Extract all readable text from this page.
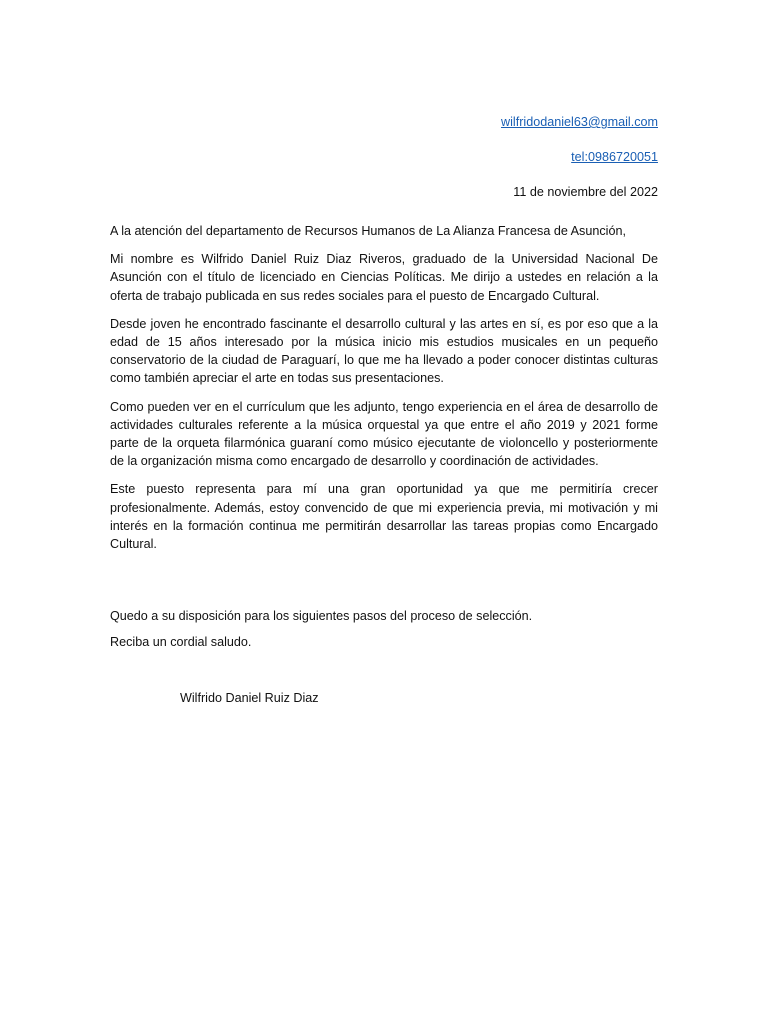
wilfridodaniel63@gmail.com
tel:0986720051
11 de noviembre del 2022

A la atención del departamento de Recursos Humanos de La Alianza Francesa de Asunción,

Mi nombre es Wilfrido Daniel Ruiz Diaz Riveros, graduado de la Universidad Nacional De Asunción con el título de licenciado en Ciencias Políticas. Me dirijo a ustedes en relación a la oferta de trabajo publicada en sus redes sociales para el puesto de Encargado Cultural.

Desde joven he encontrado fascinante el desarrollo cultural y las artes en sí, es por eso que a la edad de 15 años interesado por la música inicio mis estudios musicales en un pequeño conservatorio de la ciudad de Paraguarí, lo que me ha llevado a poder conocer distintas culturas como también apreciar el arte en todas sus presentaciones.

Como pueden ver en el currículum que les adjunto, tengo experiencia en el área de desarrollo de actividades culturales referente a la música orquestal ya que entre el año 2019 y 2021 forme parte de la orqueta filarmónica guaraní como músico ejecutante de violoncello y posteriormente de la organización misma como encargado de desarrollo y coordinación de actividades.

Este puesto representa para mí una gran oportunidad ya que me permitiría crecer profesionalmente. Además, estoy convencido de que mi experiencia previa, mi motivación y mi interés en la formación continua me permitirán desarrollar las tareas propias como Encargado Cultural.

Quedo a su disposición para los siguientes pasos del proceso de selección.

Reciba un cordial saludo.

Wilfrido Daniel Ruiz Diaz
